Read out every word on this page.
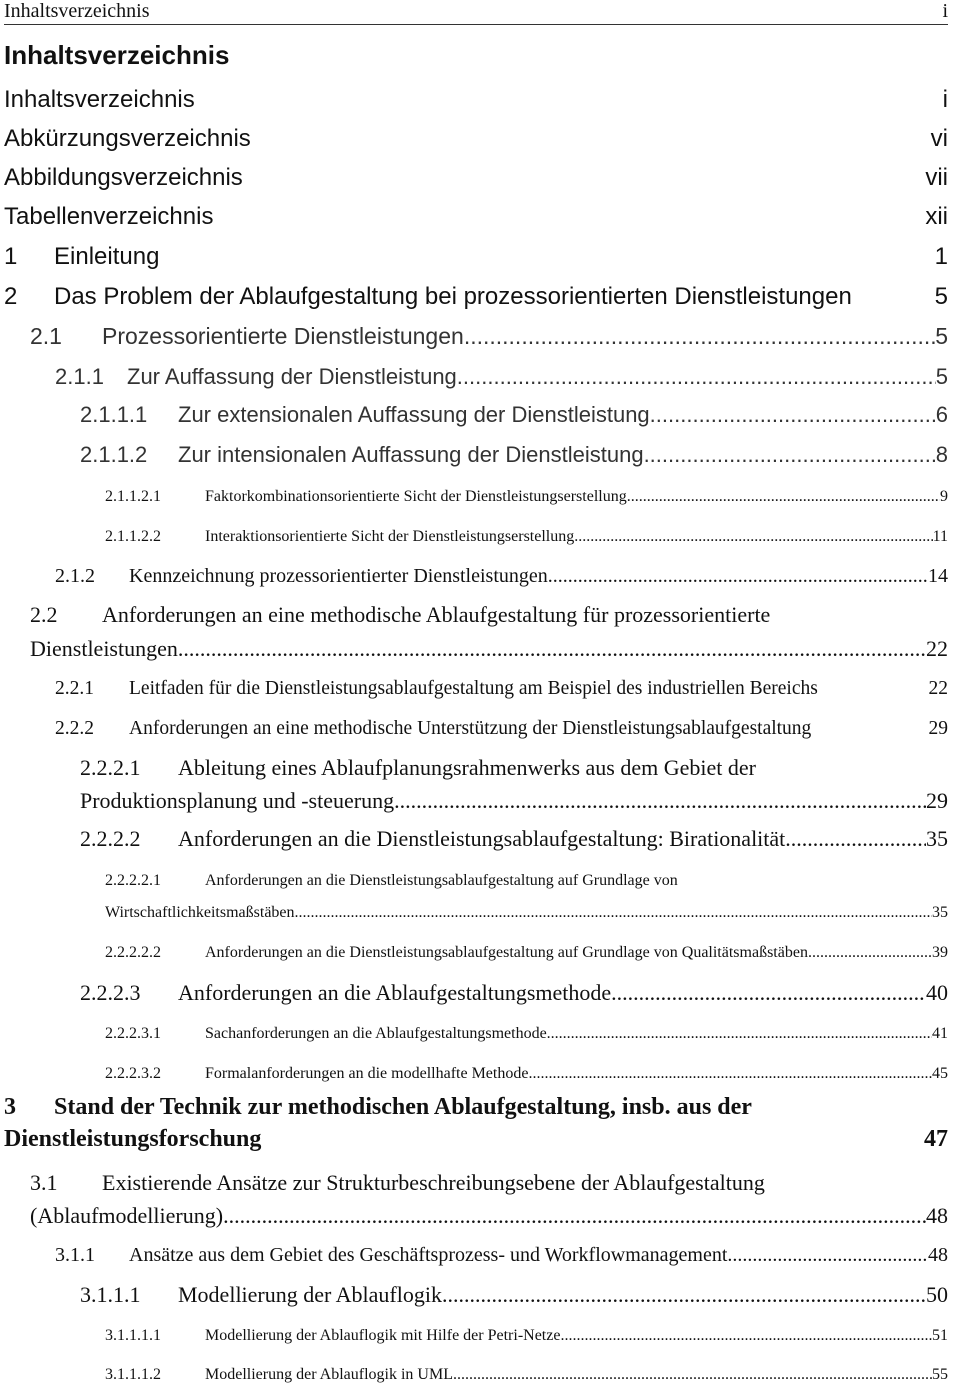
Inhaltsverzeichnis	i
Inhaltsverzeichnis
Inhaltsverzeichnis	i
Abkürzungsverzeichnis	vi
Abbildungsverzeichnis	vii
Tabellenverzeichnis	xii
1	Einleitung	1
2	Das Problem der Ablaufgestaltung bei prozessorientierten Dienstleistungen	5
2.1	Prozessorientierte Dienstleistungen .....	5
2.1.1	Zur Auffassung der Dienstleistung .....	5
2.1.1.1	Zur extensionalen Auffassung der Dienstleistung .....	6
2.1.1.2	Zur intensionalen Auffassung der Dienstleistung .....	8
2.1.1.2.1	Faktorkombinationsorientierte Sicht der Dienstleistungserstellung .....	9
2.1.1.2.2	Interaktionsorientierte Sicht der Dienstleistungserstellung .....	11
2.1.2	Kennzeichnung prozessorientierter Dienstleistungen .....	14
2.2	Anforderungen an eine methodische Ablaufgestaltung für prozessorientierte
Dienstleistungen .....	22
2.2.1	Leitfaden für die Dienstleistungsablaufgestaltung am Beispiel des industriellen Bereichs	22
2.2.2	Anforderungen an eine methodische Unterstützung der Dienstleistungsablaufgestaltung	29
2.2.2.1	Ableitung eines Ablaufplanungsrahmenwerks aus dem Gebiet der
Produktionsplanung und -steuerung .....	29
2.2.2.2	Anforderungen an die Dienstleistungsablaufgestaltung: Birationalität .....	35
2.2.2.2.1	Anforderungen an die Dienstleistungsablaufgestaltung auf Grundlage von
Wirtschaftlichkeitsmaßstäben .....	35
2.2.2.2.2	Anforderungen an die Dienstleistungsablaufgestaltung auf Grundlage von Qualitätsmaßstäben .....	39
2.2.2.3	Anforderungen an die Ablaufgestaltungsmethode .....	40
2.2.2.3.1	Sachanforderungen an die Ablaufgestaltungsmethode .....	41
2.2.2.3.2	Formalanforderungen an die modellhafte Methode .....	45
3	Stand der Technik zur methodischen Ablaufgestaltung, insb. aus der
Dienstleistungsforschung	47
3.1	Existierende Ansätze zur Strukturbeschreibungsebene der Ablaufgestaltung
(Ablaufmodellierung) .....	48
3.1.1	Ansätze aus dem Gebiet des Geschäftsprozess- und Workflowmanagement .....	48
3.1.1.1	Modellierung der Ablauflogik .....	50
3.1.1.1.1	Modellierung der Ablauflogik mit Hilfe der Petri-Netze .....	51
3.1.1.1.2	Modellierung der Ablauflogik in UML. .....	55
